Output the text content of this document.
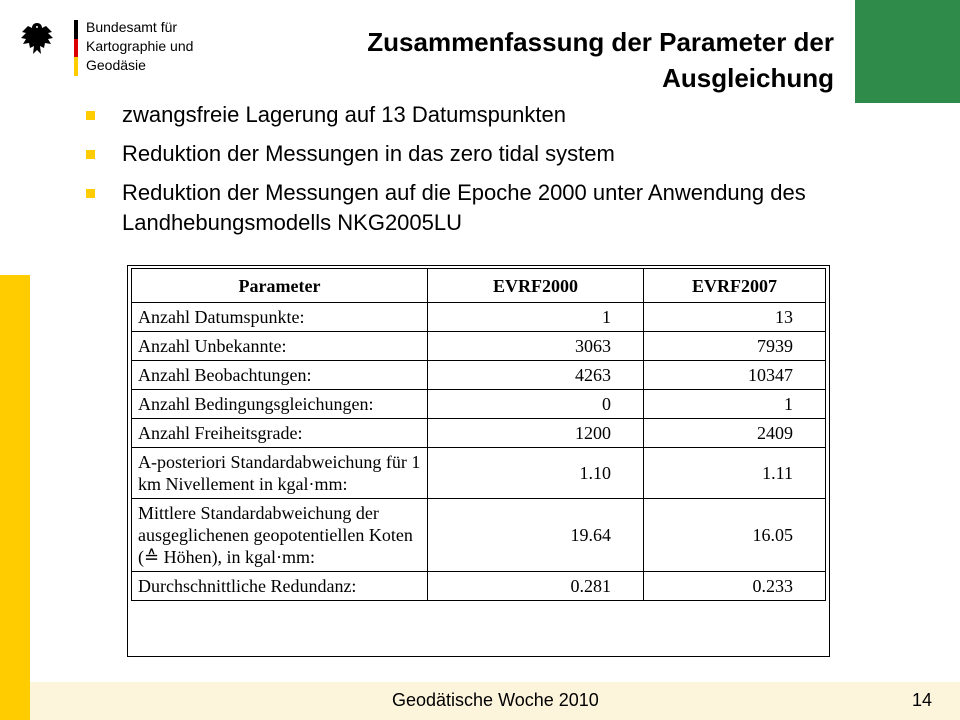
Bundesamt für
Kartographie und Geodäsie
Zusammenfassung der Parameter der Ausgleichung
zwangsfreie Lagerung auf 13 Datumspunkten
Reduktion der Messungen in das zero tidal system
Reduktion der Messungen auf die Epoche 2000 unter Anwendung des Landhebungsmodells NKG2005LU
Parameter	EVRF2000	EVRF2007
Anzahl Datumspunkte:	1	13
Anzahl Unbekannte:	3063	7939
Anzahl Beobachtungen:	4263	10347
Anzahl Bedingungsgleichungen:	0	1
Anzahl Freiheitsgrade:	1200	2409
A-posteriori Standardabweichung für 1 km Nivellement in kgal·mm:	1.10	1.11
Mittlere Standardabweichung der ausgeglichenen geopotentiellen Koten (≙ Höhen), in kgal·mm:	19.64	16.05
Durchschnittliche Redundanz:	0.281	0.233
Geodätische Woche 2010	14
